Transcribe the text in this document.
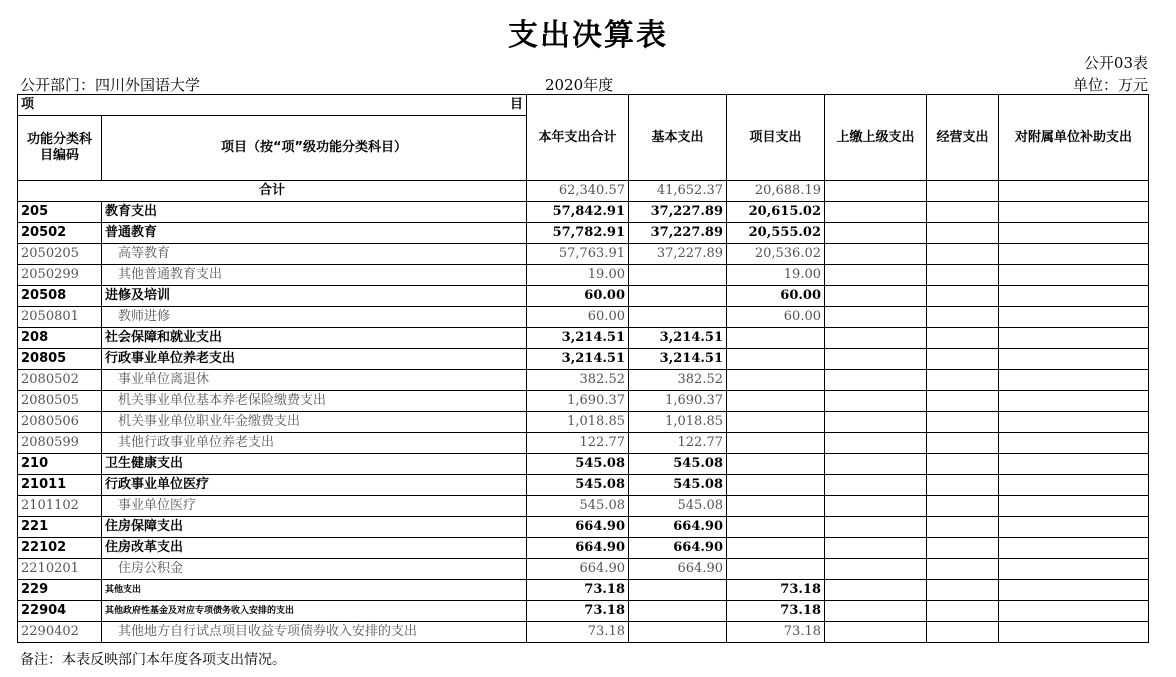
支出决算表
公开03表
公开部门：四川外国语大学	2020年度	单位：万元
项 目		本年支出合计	基本支出	项目支出	上缴上级支出	经营支出	对附属单位补助支出
功能分类科目编码	项目（按“项”级功能分类科目）						
合计		62,340.57	41,652.37	20,688.19			
205	教育支出	57,842.91	37,227.89	20,615.02			
20502	普通教育	57,782.91	37,227.89	20,555.02			
2050205	高等教育	57,763.91	37,227.89	20,536.02			
2050299	其他普通教育支出	19.00		19.00			
20508	进修及培训	60.00		60.00			
2050801	教师进修	60.00		60.00			
208	社会保障和就业支出	3,214.51	3,214.51				
20805	行政事业单位养老支出	3,214.51	3,214.51				
2080502	事业单位离退休	382.52	382.52				
2080505	机关事业单位基本养老保险缴费支出	1,690.37	1,690.37				
2080506	机关事业单位职业年金缴费支出	1,018.85	1,018.85				
2080599	其他行政事业单位养老支出	122.77	122.77				
210	卫生健康支出	545.08	545.08				
21011	行政事业单位医疗	545.08	545.08				
2101102	事业单位医疗	545.08	545.08				
221	住房保障支出	664.90	664.90				
22102	住房改革支出	664.90	664.90				
2210201	住房公积金	664.90	664.90				
229	其他支出	73.18		73.18			
22904	其他政府性基金及对应专项债务收入安排的支出	73.18		73.18			
2290402	其他地方自行试点项目收益专项债券收入安排的支出	73.18		73.18			
备注：本表反映部门本年度各项支出情况。
